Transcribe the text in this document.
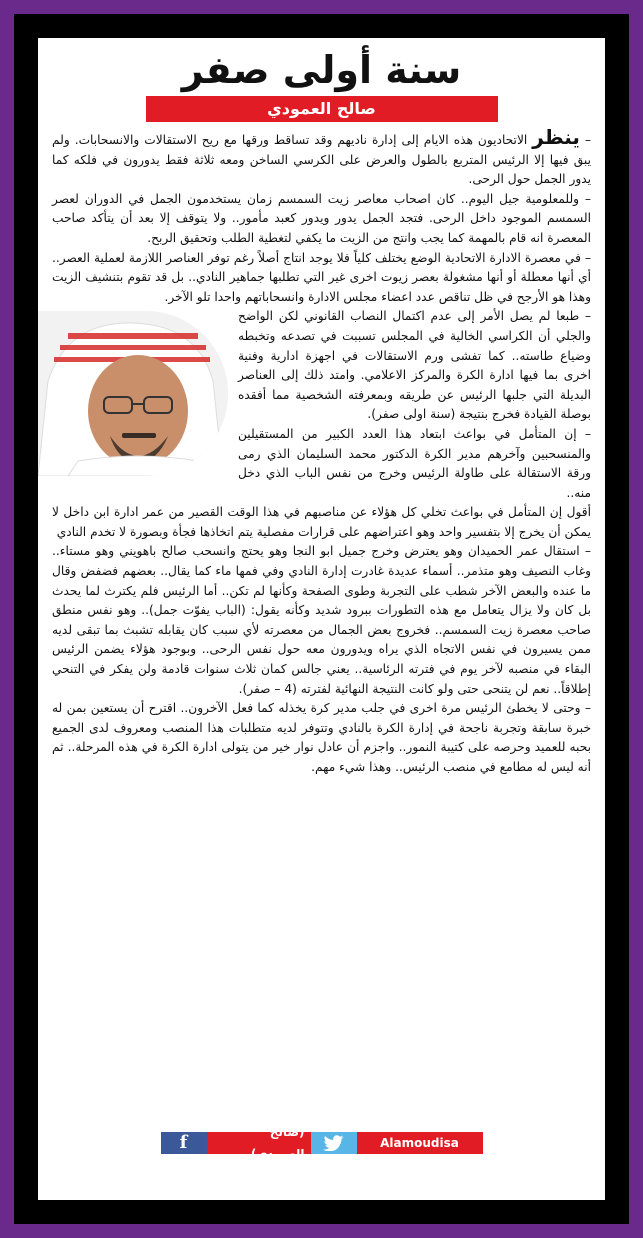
سنة أولى صفر
صالح العمودي

– ينظر الاتحاديون هذه الايام إلى إدارة ناديهم وقد تساقط ورقها مع ريح الاستقالات والانسحابات. ولم يبق فيها إلا الرئيس المتربع بالطول والعرض على الكرسي الساخن ومعه ثلاثة فقط يدورون في فلكه كما يدور الجمل حول الرحى.

– وللمعلومية جيل اليوم.. كان اصحاب معاصر زيت السمسم زمان يستخدمون الجمل في الدوران لعصر السمسم الموجود داخل الرحى. فتجد الجمل يدور ويدور كعبد مأمور.. ولا يتوقف إلا بعد أن يتأكد صاحب المعصرة انه قام بالمهمة كما يجب وانتج من الزيت ما يكفي لتغطية الطلب وتحقيق الربح.

– في معصرة الادارة الاتحادية الوضع يختلف كلياً فلا يوجد انتاج أصلاً رغم توفر العناصر اللازمة لعملية العصر.. أي أنها معطلة أو أنها مشغولة بعصر زيوت اخرى غير التي تطلبها جماهير النادي.. بل قد تقوم بتنشيف الزيت وهذا هو الأرجح في ظل تناقص عدد اعضاء مجلس الادارة وانسحاباتهم واحدا تلو الآخر.

– طبعا لم يصل الأمر إلى عدم اكتمال النصاب القانوني لكن الواضح والجلي أن الكراسي الخالية في المجلس تسببت في تصدعه وتخبطه وضياع طاسته.. كما تفشى ورم الاستقالات في اجهزة ادارية وفنية اخرى بما فيها ادارة الكرة والمركز الاعلامي. وامتد ذلك إلى العناصر البديلة التي جلبها الرئيس عن طريقه وبمعرفته الشخصية مما أفقده بوصلة القيادة فخرج بنتيجة (سنة اولى صفر).

– إن المتأمل في بواعث ابتعاد هذا العدد الكبير من المستقيلين والمنسحبين وآخرهم مدير الكرة الدكتور محمد السليمان الذي رمى ورقة الاستقالة على طاولة الرئيس وخرج من نفس الباب الذي دخل منه..

أقول إن المتأمل في بواعث تخلي كل هؤلاء عن مناصبهم في هذا الوقت القصير من عمر ادارة ابن داخل لا يمكن أن يخرج إلا بتفسير واحد وهو اعتراضهم على قرارات مفصلية يتم اتخاذها فجأة وبصورة لا تخدم النادي

– استقال عمر الحميدان وهو يعترض وخرج جميل ابو النجا وهو يحتج وانسحب صالح باهويني وهو مستاء.. وغاب النصيف وهو متذمر.. أسماء عديدة غادرت إدارة النادي وفي فمها ماء كما يقال.. بعضهم فضفض وقال ما عنده والبعض الآخر شطب على التجربة وطوى الصفحة وكأنها لم تكن.. أما الرئيس فلم يكترث لما يحدث بل كان ولا يزال يتعامل مع هذه التطورات ببرود شديد وكأنه يقول: (الباب يفوّت جمل).. وهو نفس منطق صاحب معصرة زيت السمسم.. فخروج بعض الجمال من معصرته لأي سبب كان يقابله تشبث بما تبقى لديه ممن يسيرون في نفس الاتجاه الذي يراه ويدورون معه حول نفس الرحى.. وبوجود هؤلاء يضمن الرئيس البقاء في منصبه لآخر يوم في فترته الرئاسية.. يعني جالس كمان ثلاث سنوات قادمة ولن يفكر في التنحي إطلاقاً.. نعم لن يتنحى حتى ولو كانت النتيجة النهائية لفترته (4 – صفر).

– وحتى لا يخطئ الرئيس مرة اخرى في جلب مدير كرة يخذله كما فعل الآخرون.. اقترح أن يستعين بمن له خبرة سابقة وتجربة ناجحة في إدارة الكرة بالنادي وتتوفر لديه متطلبات هذا المنصب ومعروف لدى الجميع بحبه للعميد وحرصه على كتيبة النمور.. واجزم أن عادل نوار خير من يتولى ادارة الكرة في هذه المرحلة.. ثم أنه ليس له مطامع في منصب الرئيس.. وهذا شيء مهم.

f	(صالح العمودي)
Alamoudisa
